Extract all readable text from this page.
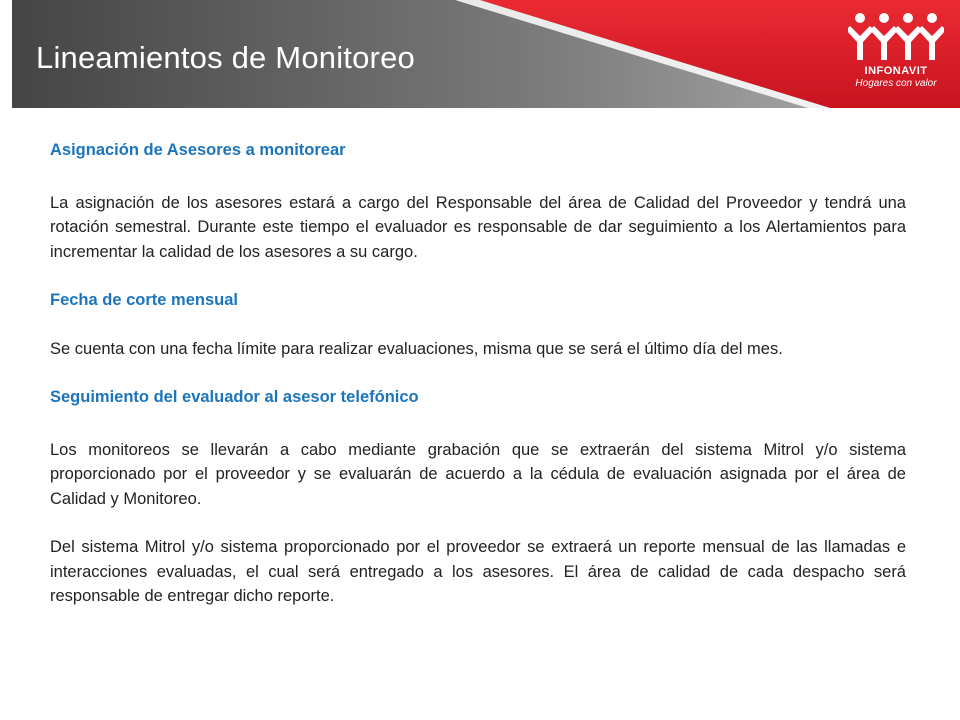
Lineamientos de Monitoreo	INFONAVIT
Hogares con valor

Asignación de Asesores a monitorear

La asignación de los asesores estará a cargo del Responsable del área de Calidad del Proveedor y tendrá una rotación semestral. Durante este tiempo el evaluador es responsable de dar seguimiento a los Alertamientos para incrementar la calidad de los asesores a su cargo.

Fecha de corte mensual

Se cuenta con una fecha límite para realizar evaluaciones, misma que se será el último día del mes.

Seguimiento del evaluador al asesor telefónico

Los monitoreos se llevarán a cabo mediante grabación que se extraerán del sistema Mitrol y/o sistema proporcionado por el proveedor y se evaluarán de acuerdo a la cédula de evaluación asignada por el área de Calidad y Monitoreo.

Del sistema Mitrol y/o sistema proporcionado por el proveedor se extraerá un reporte mensual de las llamadas e interacciones evaluadas, el cual será entregado a los asesores. El área de calidad de cada despacho será responsable de entregar dicho reporte.
